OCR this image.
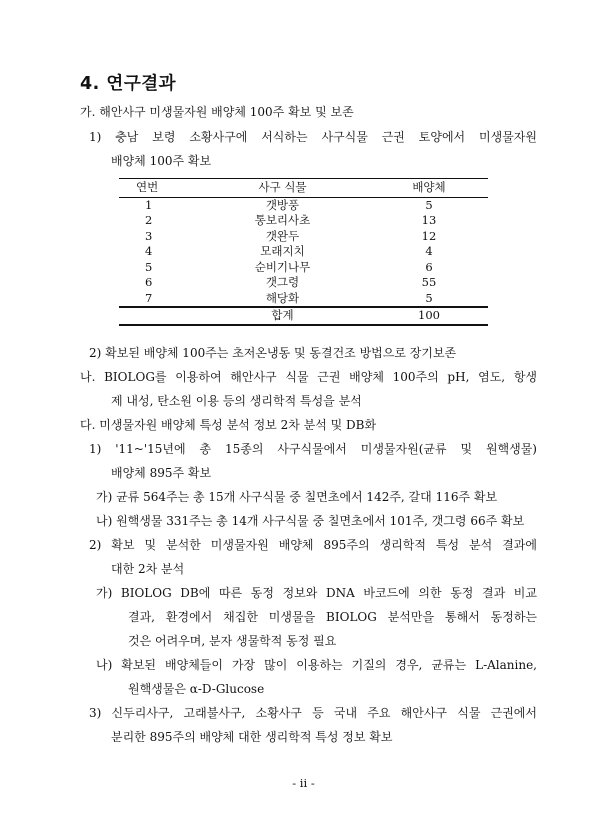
4. 연구결과
가. 해안사구 미생물자원 배양체 100주 확보 및 보존
1) 충남 보령 소황사구에 서식하는 사구식물 근권 토양에서 미생물자원
배양체 100주 확보
연번	사구 식물	배양체
1	갯방풍	5
2	통보리사초	13
3	갯완두	12
4	모래지치	4
5	순비기나무	6
6	갯그령	55
7	해당화	5
	합계	100
2) 확보된 배양체 100주는 초저온냉동 및 동결건조 방법으로 장기보존
나. BIOLOG를 이용하여 해안사구 식물 근권 배양체 100주의 pH, 염도, 항생
제 내성, 탄소원 이용 등의 생리학적 특성을 분석
다. 미생물자원 배양체 특성 분석 정보 2차 분석 및 DB화
1) '11~'15년에 총 15종의 사구식물에서 미생물자원(균류 및 원핵생물)
배양체 895주 확보
가) 균류 564주는 총 15개 사구식물 중 칠면초에서 142주, 갈대 116주 확보
나) 원핵생물 331주는 총 14개 사구식물 중 칠면초에서 101주, 갯그령 66주 확보
2) 확보 및 분석한 미생물자원 배양체 895주의 생리학적 특성 분석 결과에
대한 2차 분석
가) BIOLOG DB에 따른 동정 정보와 DNA 바코드에 의한 동정 결과 비교
결과, 환경에서 채집한 미생물을 BIOLOG 분석만을 통해서 동정하는
것은 어려우며, 분자 생물학적 동정 필요
나) 확보된 배양체들이 가장 많이 이용하는 기질의 경우, 균류는 L-Alanine,
원핵생물은 α-D-Glucose
3) 신두리사구, 고래불사구, 소황사구 등 국내 주요 해안사구 식물 근권에서
분리한 895주의 배양체 대한 생리학적 특성 정보 확보
- ii -
